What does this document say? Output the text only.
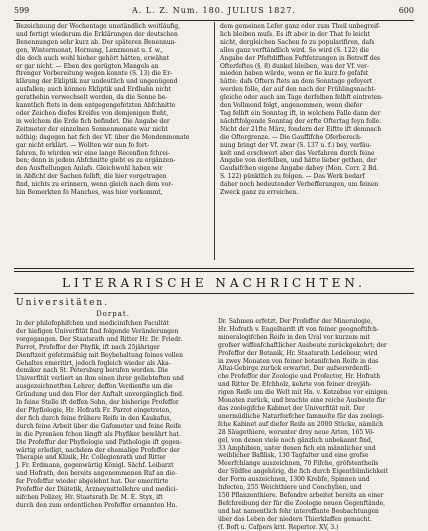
599	A. L. Z. Num. 180. JULIUS 1827.	600
Bezeichnung der Wochentage umständlich weitläufig,
und fertigt wiederum die Erklärungen der deutschen
Benennungen sehr kurz ab. Der späteren Benennun-
gen, Wintermonat, Hornung, Lenzmonat u. f. w.,
die doch auch wohl hieher gehört hätten, erwähnt
er gar nicht. — Eben des gerügten Mangels an
ftrenger Vorbereitung wegen konnte (S. 13) die Er-
klärung der Ekliptik nur undeutlich und ungenügend
ausfallen; auch können Ekliptik und Erdbahn nicht
gerathehin verwechselt werden, da die Sonne be-
kanntlich ftets in dem entgegengefetzten Abfchnitte
oder Zeichen diefes Kreifes von demjenigen fteht,
in welchem die Erde fich befindet. Die Angabe der
Zeitmeter der einzelnen Sonnenmonate war nicht
nöthig; dagegen hat fich der Vf. über die Mondenmonate
gar nicht erklärt. — Wollten wir nun fo fort-
fahren, fo würden wir eine lange Recenfion fchrei-
ben; denn in jedem Abfchnitte giebt es zu ergänzen-
den Ausftellungen Anlafs. Gleichwohl haben wir
in Abficht der Sachen felbft, die hier vorgetragen
find, nichts zu erinnern, wenn gleich nach dem vor-
hin Bemerkten fo Manches, was hier vorkommt,
dem gemeinen Lefer ganz oder zum Theil unbegreif-
lich bleiben muſs. Es ift aber in der That fo leicht
nicht, dergleichen Sachen fo zu popularifiren, dafs
alles ganz verftändlich wird. So wird (S. 122) die
Angabe der Pfeftdiffhen Feftfetzungen in Betreff des
Ofterfeftes (§. 8) dunkel bleiben, was der Vf. ver-
mieden haben würde, wenn er fie kurz fo gefafst
hätte: dafs Oftern ftets an dem Sonntage gefeyert
werden folle, der auf den nach der Frühlingsnacht-
gleiche oder auch am Tage derfelben felbft eintreten-
den Vollmond folgt, angenommen, wenn diefer
Tag felbft ein Sonntag ift, in welchem Falle dann der
nächftfolgende Sonntag der erfte Oftertag feyn folle.
Nicht der 21fte März, fondern der Eiftte ift demnach
die Oftergrenze. — Die Gauffifche Oferberech-
nung bringt der Vf. zwar (S. 137 u. f.) bey, verfäu-
kelt und erschwert aber das Verfahren durch feine
Angabe von derfelben, und hätte lieber gethan, der
Gauſsifchen eigene Angabe dabey (Mon. Corr. 2 Bd.
S. 122) pünktlich zu folgen. — Das Werk bedarf
daher noch bedeutender Verbefferungen, um feinen
Zweck ganz zu erreichen.
LITERARISCHE NACHRICHTEN.
Universitäten.
Dorpat.
In der philofophifchen und medicinifchen Facultät
der hiefigen Univerfität find folgende Veränderungen
vorgegangen. Der Staatsrath und Ritter Hr. Dr. Friedr.
Parrot, Profeffor der Phyfik, ift nach 25jähriger
Dienftzeit gefetzmäfsig mit Beybehaltung feines vollen
Gehaltes emeritirt, jedoch fogleich wieder als Aka-
demiker nach St. Petersburg berufen worden. Die
Univerfität verliert an ihm einen ihrer geliebteften und
ausgezeichnetften Lehrer, deffen Verdienfte um die
Gründung und den Flor der Anftalt unvergänglich find.
In feine Stelle ift deffen Sohn, der bisherige Profeffor
der Phyfiologie, Hr. Hofrath Fr. Parrot eingetreten,
der fich durch feine frühere Reife in den Kaukafus,
durch feine Arbeit über die Gafometer und feine Reife
in die Pyrenäen fchon längft als Phyfiker bewährt hat.
Die Profeffur der Phyfiologie und Pathologie ift gegen-
wärtig erledigt, nachdem der ehemalige Profeffor der
Therapie und Klinik, Hr. Collegienrath und Ritter
J. Fr. Erdmann, gegenwärtig Königl. Sächf. Leibarzt
und Hofrath, den bereits angenommenen Ruf an die-
fer Profeffur wieder abgelehnt hat. Der emeritirte
Profeffor der Diätetik, Arzneymittellehre und medici-
nifchen Polizey, Hr. Staatsrath Dr. M. E. Styx, ift
durch den zum ordentlichen Profeffor ernannten Hn.
Dr. Sahmen erfetzt. Der Profeffor der Mineralogie,
Hr. Hofrath v. Engelhardt ift von feiner geognoftifch-
mineralogifchen Reife in den Ural vor kurzem mit
grofser wiffenfchaftlicher Ausbeute zurückgekehrt; der
Profeffor der Botanik, Hr. Staatsrath Ledebour, wird
in zwey Monaten von feiner botanifchen Reife in das
Altai-Gebirge zurück erwartet. Der aufserordentli-
che Profeffor der Zoologie und Profector, Hr. Hofrath
und Ritter Dr. Efchholz, kehrte von feiner dreyjäh-
rigen Reife um die Welt mit Hn. v. Kotzebue vor einigen
Monaten zurück, und brachte eine reiche Ausbeute für
das zoologifche Kabinet der Univerfität mit. Der
unermüdliche Naturforfcher fammelte für das zoologi-
fche Kabinet auf diefer Reife an 2000 Stücke, nämlich
28 Säugethiere, worunter drey neue Arten, 165 Vö-
gel, von denen viele noch gänzlich unbekannt find,
33 Amphibien, unter denen fich ein männlicher und
weiblicher Bafilisk, 130 Tagfalter und eine grofse
Meerfchlange auszeichnen, 70 Fifche, gröfstentheils
der Südfee angehörig, die fich durch Eigenthümlichkeit
der Form auszeichnen, 1300 Krebfe, Spinnen und
Infecten, 255 Weichthiere und Conchylien, und
150 Pflanzenthiere. Befondre arbeitet bereits an einer
Befchreibung der für die Zoologie neuen Gegenftände,
und hat namentlich fehr intereffante Beobachtungen
über das Leben der niedern Thierklaffen gemacht.
(f. Boft u. Cafpers krit. Repertor. XV, 3.)
